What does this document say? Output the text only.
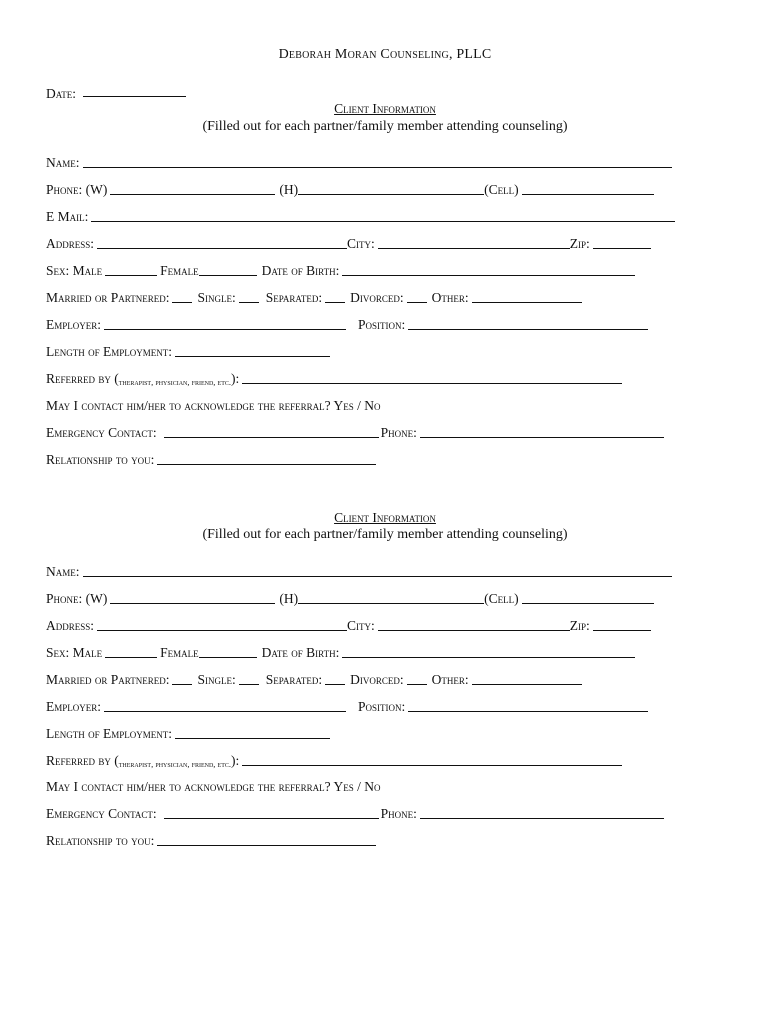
Deborah Moran Counseling, PLLC
Date:
Client Information
(Filled out for each partner/family member attending counseling)
Name:
Phone: (W)	(H)	(Cell)
E Mail:
Address:	City:	Zip:
Sex: Male	Female	Date of Birth:
Married or Partnered:	Single:	Separated:	Divorced:	Other:
Employer:	Position:
Length of Employment:
Referred by ( therapist, physician, friend, etc. ):
May I contact him/her to acknowledge the referral? Yes / No
Emergency Contact:	Phone:
Relationship to you:
Client Information
(Filled out for each partner/family member attending counseling)
Name:
Phone: (W)	(H)	(Cell)
Address:	City:	Zip:
Sex: Male	Female	Date of Birth:
Married or Partnered:	Single:	Separated:	Divorced:	Other:
Employer:	Position:
Length of Employment:
Referred by ( therapist, physician, friend, etc. ):
May I contact him/her to acknowledge the referral? Yes / No
Emergency Contact:	Phone:
Relationship to you:
